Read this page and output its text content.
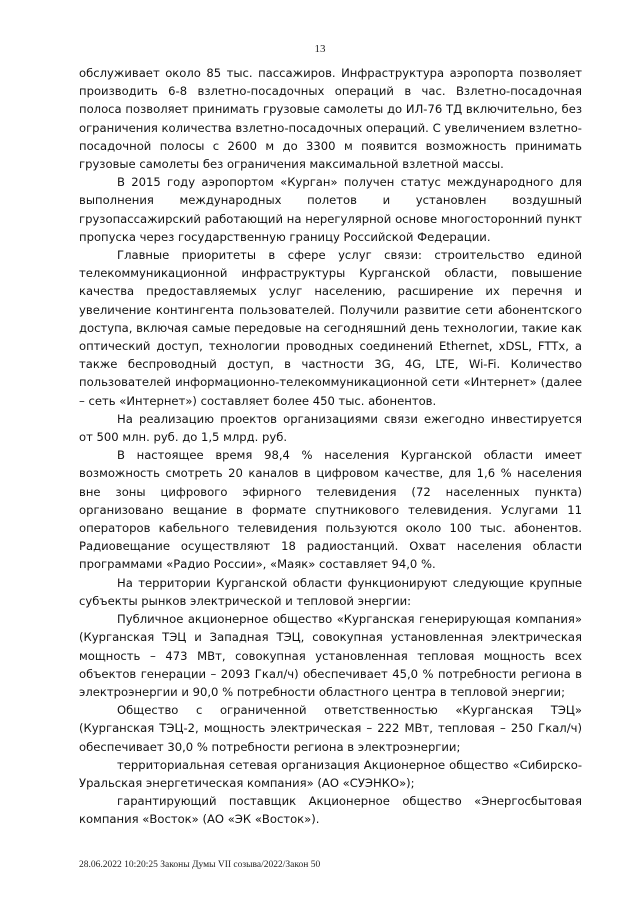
13

обслуживает около 85 тыс. пассажиров. Инфраструктура аэропорта позволяет производить 6-8 взлетно-посадочных операций в час. Взлетно-посадочная полоса позволяет принимать грузовые самолеты до ИЛ-76 ТД включительно, без ограничения количества взлетно-посадочных операций. С увеличением взлетно-посадочной полосы с 2600 м до 3300 м появится возможность принимать грузовые самолеты без ограничения максимальной взлетной массы.

В 2015 году аэропортом «Курган» получен статус международного для выполнения международных полетов и установлен воздушный грузопассажирский работающий на нерегулярной основе многосторонний пункт пропуска через государственную границу Российской Федерации.

Главные приоритеты в сфере услуг связи: строительство единой телекоммуникационной инфраструктуры Курганской области, повышение качества предоставляемых услуг населению, расширение их перечня и увеличение контингента пользователей. Получили развитие сети абонентского доступа, включая самые передовые на сегодняшний день технологии, такие как оптический доступ, технологии проводных соединений Ethernet, xDSL, FTTx, а также беспроводный доступ, в частности 3G, 4G, LTE, Wi-Fi. Количество пользователей информационно-телекоммуникационной сети «Интернет» (далее – сеть «Интернет») составляет более 450 тыс. абонентов.

На реализацию проектов организациями связи ежегодно инвестируется от 500 млн. руб. до 1,5 млрд. руб.

В настоящее время 98,4 % населения Курганской области имеет возможность смотреть 20 каналов в цифровом качестве, для 1,6 % населения вне зоны цифрового эфирного телевидения (72 населенных пункта) организовано вещание в формате спутникового телевидения. Услугами 11 операторов кабельного телевидения пользуются около 100 тыс. абонентов. Радиовещание осуществляют 18 радиостанций. Охват населения области программами «Радио России», «Маяк» составляет 94,0 %.

На территории Курганской области функционируют следующие крупные субъекты рынков электрической и тепловой энергии:

Публичное акционерное общество «Курганская генерирующая компания» (Курганская ТЭЦ и Западная ТЭЦ, совокупная установленная электрическая мощность – 473 МВт, совокупная установленная тепловая мощность всех объектов генерации – 2093 Гкал/ч) обеспечивает 45,0 % потребности региона в электроэнергии и 90,0 % потребности областного центра в тепловой энергии;

Общество с ограниченной ответственностью «Курганская ТЭЦ» (Курганская ТЭЦ-2, мощность электрическая – 222 МВт, тепловая – 250 Гкал/ч) обеспечивает 30,0 % потребности региона в электроэнергии;

территориальная сетевая организация Акционерное общество «Сибирско-Уральская энергетическая компания» (АО «СУЭНКО»);

гарантирующий поставщик Акционерное общество «Энергосбытовая компания «Восток» (АО «ЭК «Восток»).

28.06.2022 10:20:25 Законы Думы VII созыва/2022/Закон 50
